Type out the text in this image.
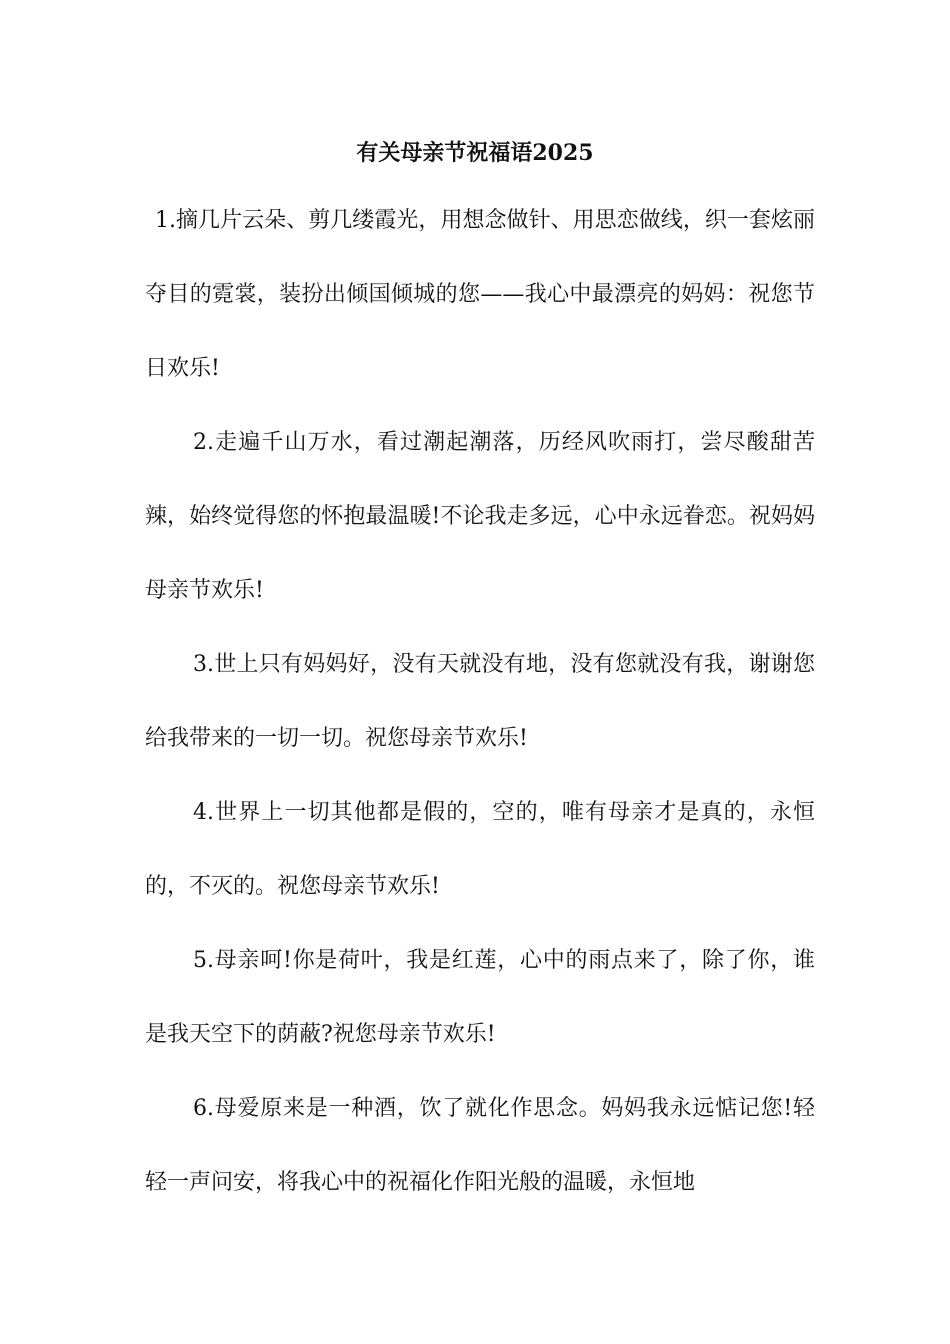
有关母亲节祝福语2025

1.摘几片云朵、剪几缕霞光，用想念做针、用思恋做线，织一套炫丽夺目的霓裳，装扮出倾国倾城的您——我心中最漂亮的妈妈：祝您节日欢乐!

2.走遍千山万水，看过潮起潮落，历经风吹雨打，尝尽酸甜苦辣，始终觉得您的怀抱最温暖!不论我走多远，心中永远眷恋。祝妈妈母亲节欢乐!

3.世上只有妈妈好，没有天就没有地，没有您就没有我，谢谢您给我带来的一切一切。祝您母亲节欢乐!

4.世界上一切其他都是假的，空的，唯有母亲才是真的，永恒的，不灭的。祝您母亲节欢乐!

5.母亲呵!你是荷叶，我是红莲，心中的雨点来了，除了你，谁是我天空下的荫蔽?祝您母亲节欢乐!

6.母爱原来是一种酒，饮了就化作思念。妈妈我永远惦记您!轻轻一声问安，将我心中的祝福化作阳光般的温暖，永恒地
